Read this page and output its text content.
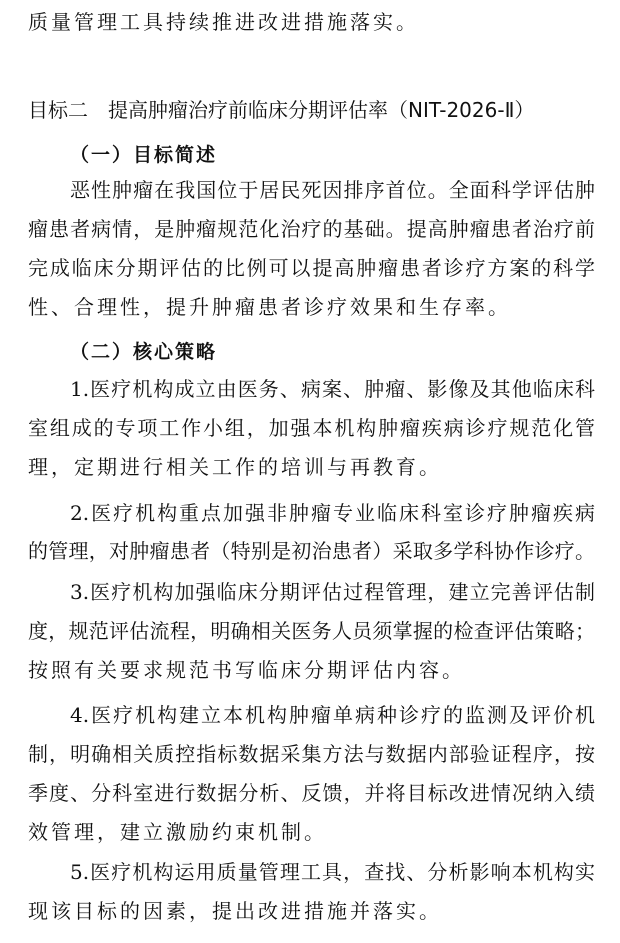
质量管理工具持续推进改进措施落实。
目标二　提高肿瘤治疗前临床分期评估率（NIT-2026-Ⅱ）
（一）目标简述
恶性肿瘤在我国位于居民死因排序首位。全面科学评估肿
瘤患者病情，是肿瘤规范化治疗的基础。提高肿瘤患者治疗前
完成临床分期评估的比例可以提高肿瘤患者诊疗方案的科学
性、合理性，提升肿瘤患者诊疗效果和生存率。
（二）核心策略
1.医疗机构成立由医务、病案、肿瘤、影像及其他临床科
室组成的专项工作小组，加强本机构肿瘤疾病诊疗规范化管
理，定期进行相关工作的培训与再教育。
2.医疗机构重点加强非肿瘤专业临床科室诊疗肿瘤疾病
的管理，对肿瘤患者（特别是初治患者）采取多学科协作诊疗。
3.医疗机构加强临床分期评估过程管理，建立完善评估制
度，规范评估流程，明确相关医务人员须掌握的检查评估策略；
按照有关要求规范书写临床分期评估内容。
4.医疗机构建立本机构肿瘤单病种诊疗的监测及评价机
制，明确相关质控指标数据采集方法与数据内部验证程序，按
季度、分科室进行数据分析、反馈，并将目标改进情况纳入绩
效管理，建立激励约束机制。
5.医疗机构运用质量管理工具，查找、分析影响本机构实
现该目标的因素，提出改进措施并落实。
